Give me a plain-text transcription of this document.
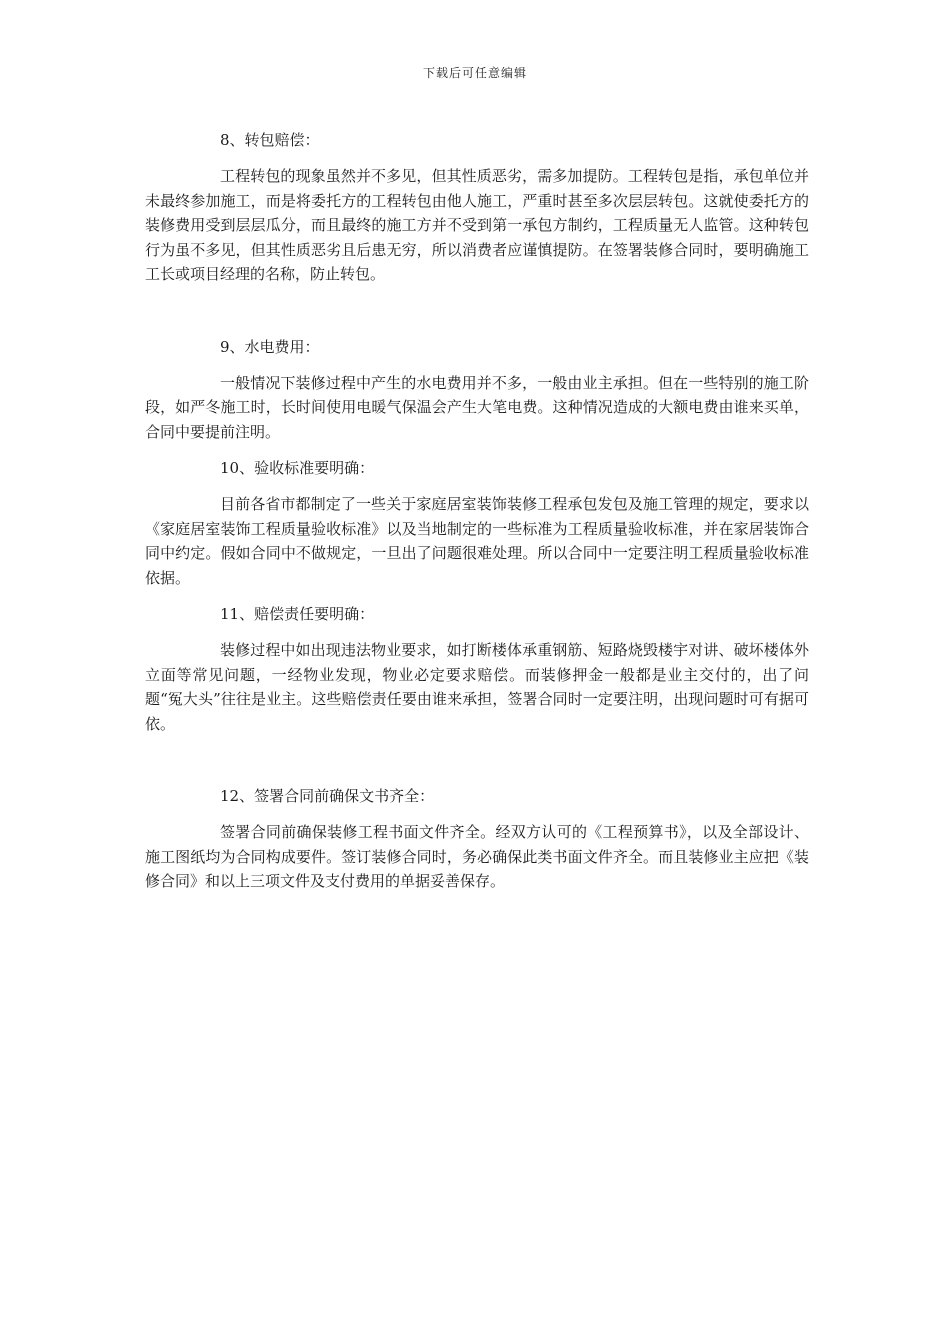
下载后可任意编辑

8、转包赔偿：

工程转包的现象虽然并不多见，但其性质恶劣，需多加提防。工程转包是指，承包单位并未最终参加施工，而是将委托方的工程转包由他人施工，严重时甚至多次层层转包。这就使委托方的装修费用受到层层瓜分，而且最终的施工方并不受到第一承包方制约，工程质量无人监管。这种转包行为虽不多见，但其性质恶劣且后患无穷，所以消费者应谨慎提防。在签署装修合同时，要明确施工工长或项目经理的名称，防止转包。

9、水电费用：

一般情况下装修过程中产生的水电费用并不多，一般由业主承担。但在一些特别的施工阶段，如严冬施工时，长时间使用电暖气保温会产生大笔电费。这种情况造成的大额电费由谁来买单，合同中要提前注明。

10、验收标准要明确：

目前各省市都制定了一些关于家庭居室装饰装修工程承包发包及施工管理的规定，要求以《家庭居室装饰工程质量验收标准》以及当地制定的一些标准为工程质量验收标准，并在家居装饰合同中约定。假如合同中不做规定，一旦出了问题很难处理。所以合同中一定要注明工程质量验收标准依据。

11、赔偿责任要明确：

装修过程中如出现违法物业要求，如打断楼体承重钢筋、短路烧毁楼宇对讲、破坏楼体外立面等常见问题，一经物业发现，物业必定要求赔偿。而装修押金一般都是业主交付的，出了问题“冤大头”往往是业主。这些赔偿责任要由谁来承担，签署合同时一定要注明，出现问题时可有据可依。

12、签署合同前确保文书齐全：

签署合同前确保装修工程书面文件齐全。经双方认可的《工程预算书》，以及全部设计、施工图纸均为合同构成要件。签订装修合同时，务必确保此类书面文件齐全。而且装修业主应把《装修合同》和以上三项文件及支付费用的单据妥善保存。
